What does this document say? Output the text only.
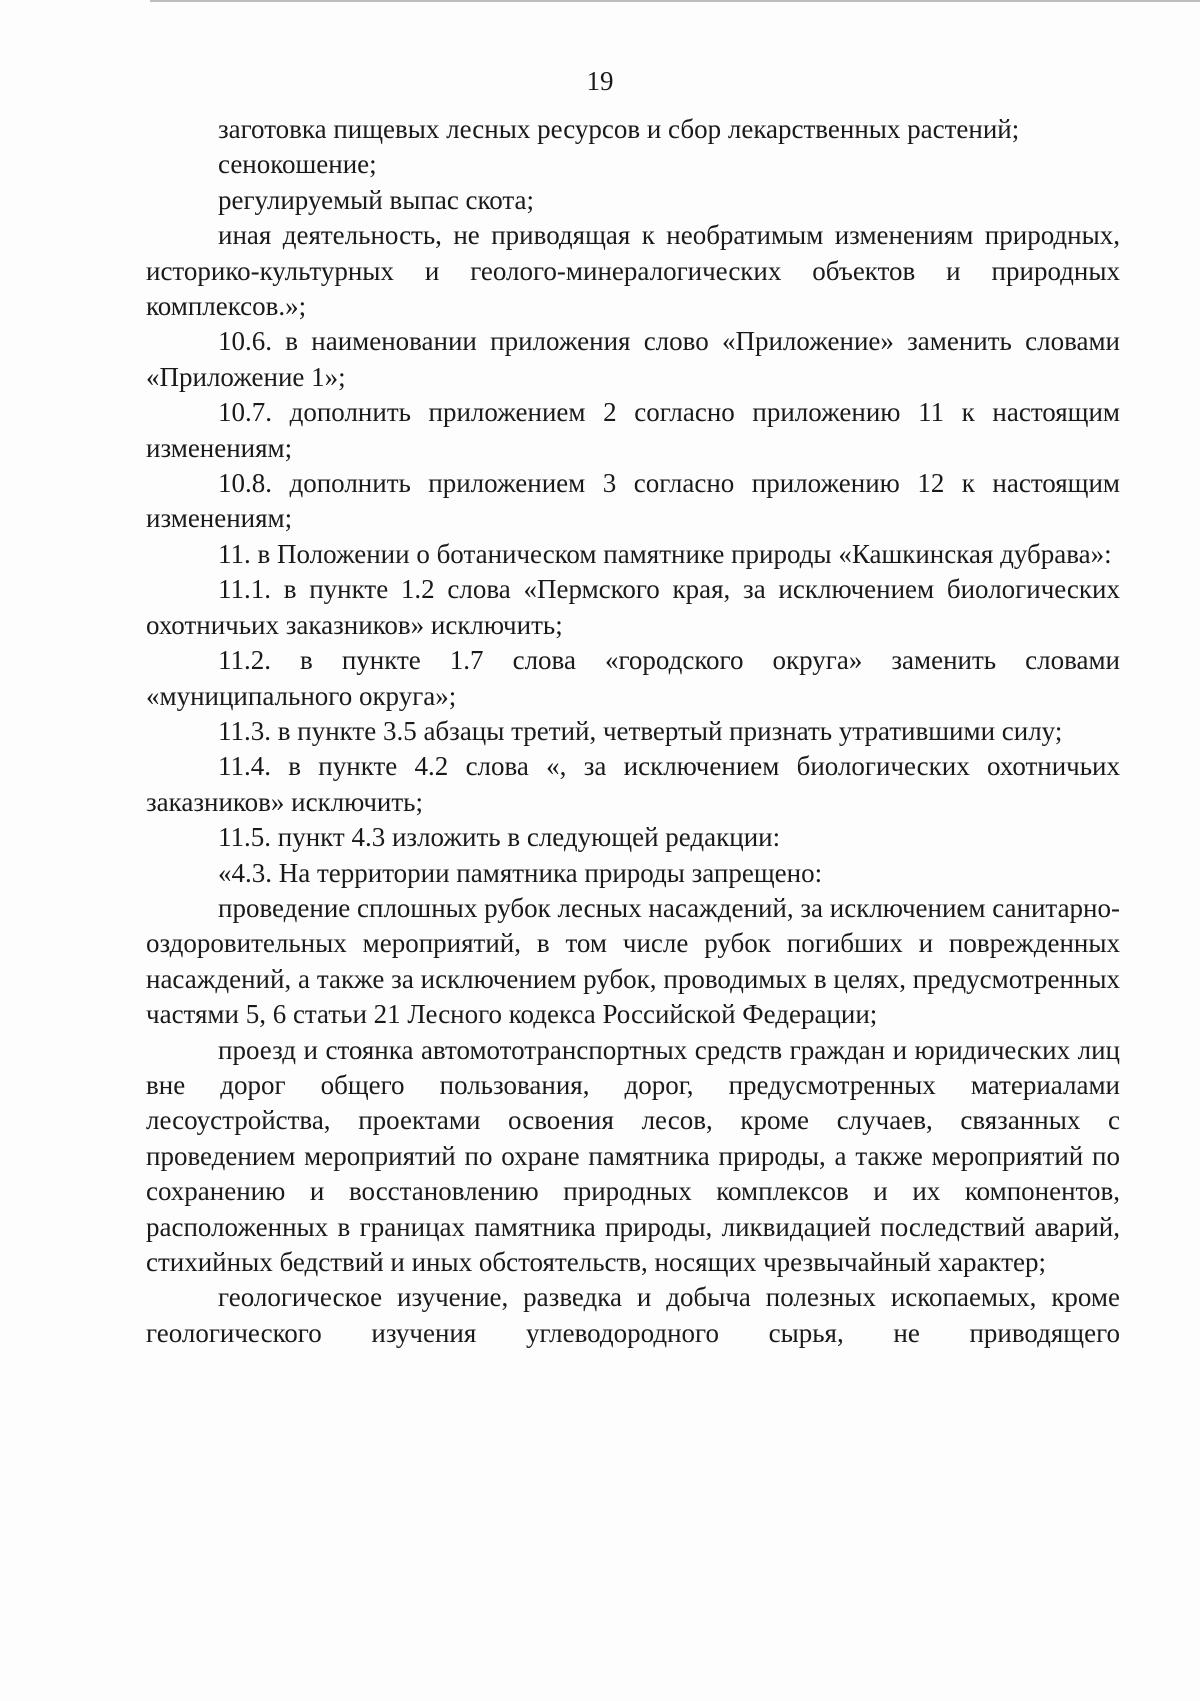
19

заготовка пищевых лесных ресурсов и сбор лекарственных растений;

сенокошение;

регулируемый выпас скота;

иная деятельность, не приводящая к необратимым изменениям природных, историко-культурных и геолого-минералогических объектов и природных комплексов.»;

10.6. в наименовании приложения слово «Приложение» заменить словами «Приложение 1»;

10.7. дополнить приложением 2 согласно приложению 11 к настоящим изменениям;

10.8. дополнить приложением 3 согласно приложению 12 к настоящим изменениям;

11. в Положении о ботаническом памятнике природы «Кашкинская дубрава»:

11.1. в пункте 1.2 слова «Пермского края, за исключением биологических охотничьих заказников» исключить;

11.2. в пункте 1.7 слова «городского округа» заменить словами «муниципального округа»;

11.3. в пункте 3.5 абзацы третий, четвертый признать утратившими силу;

11.4. в пункте 4.2 слова «, за исключением биологических охотничьих заказников» исключить;

11.5. пункт 4.3 изложить в следующей редакции:

«4.3. На территории памятника природы запрещено:

проведение сплошных рубок лесных насаждений, за исключением санитарно-оздоровительных мероприятий, в том числе рубок погибших и поврежденных насаждений, а также за исключением рубок, проводимых в целях, предусмотренных частями 5, 6 статьи 21 Лесного кодекса Российской Федерации;

проезд и стоянка автомототранспортных средств граждан и юридических лиц вне дорог общего пользования, дорог, предусмотренных материалами лесоустройства, проектами освоения лесов, кроме случаев, связанных с проведением мероприятий по охране памятника природы, а также мероприятий по сохранению и восстановлению природных комплексов и их компонентов, расположенных в границах памятника природы, ликвидацией последствий аварий, стихийных бедствий и иных обстоятельств, носящих чрезвычайный характер;

геологическое изучение, разведка и добыча полезных ископаемых, кроме геологического изучения углеводородного сырья, не приводящего
